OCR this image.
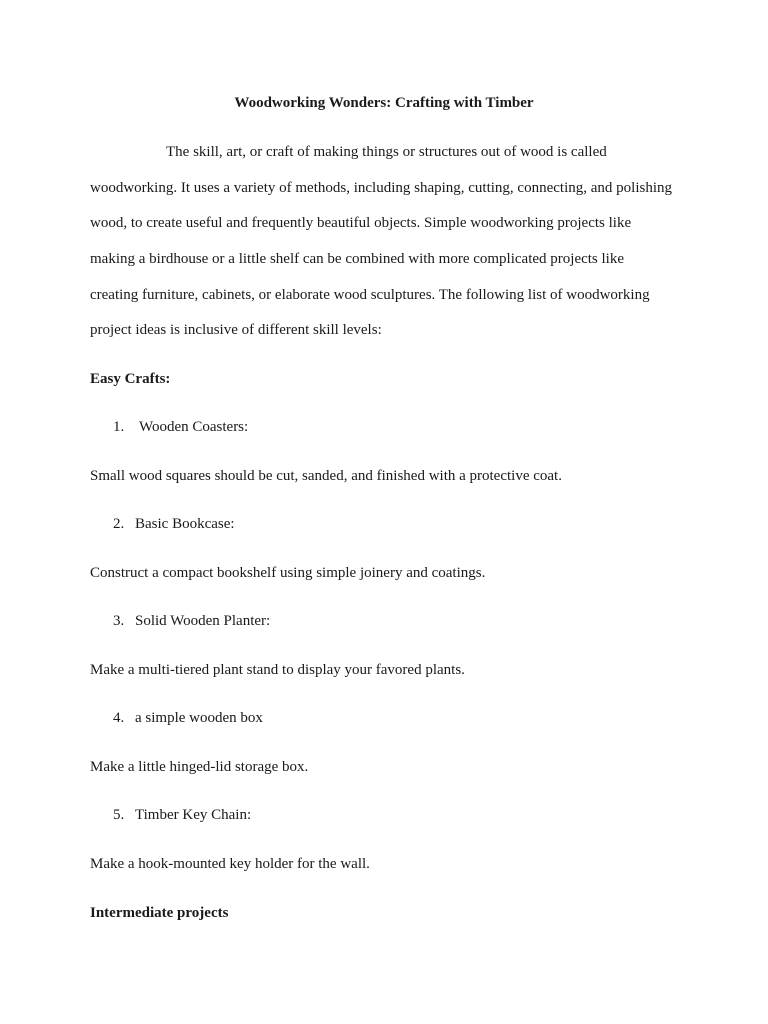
Woodworking Wonders: Crafting with Timber
The skill, art, or craft of making things or structures out of wood is called
woodworking. It uses a variety of methods, including shaping, cutting, connecting, and polishing
wood, to create useful and frequently beautiful objects. Simple woodworking projects like
making a birdhouse or a little shelf can be combined with more complicated projects like
creating furniture, cabinets, or elaborate wood sculptures. The following list of woodworking
project ideas is inclusive of different skill levels:
Easy Crafts:
1. Wooden Coasters:
Small wood squares should be cut, sanded, and finished with a protective coat.
2. Basic Bookcase:
Construct a compact bookshelf using simple joinery and coatings.
3. Solid Wooden Planter:
Make a multi-tiered plant stand to display your favored plants.
4. a simple wooden box
Make a little hinged-lid storage box.
5. Timber Key Chain:
Make a hook-mounted key holder for the wall.
Intermediate projects
